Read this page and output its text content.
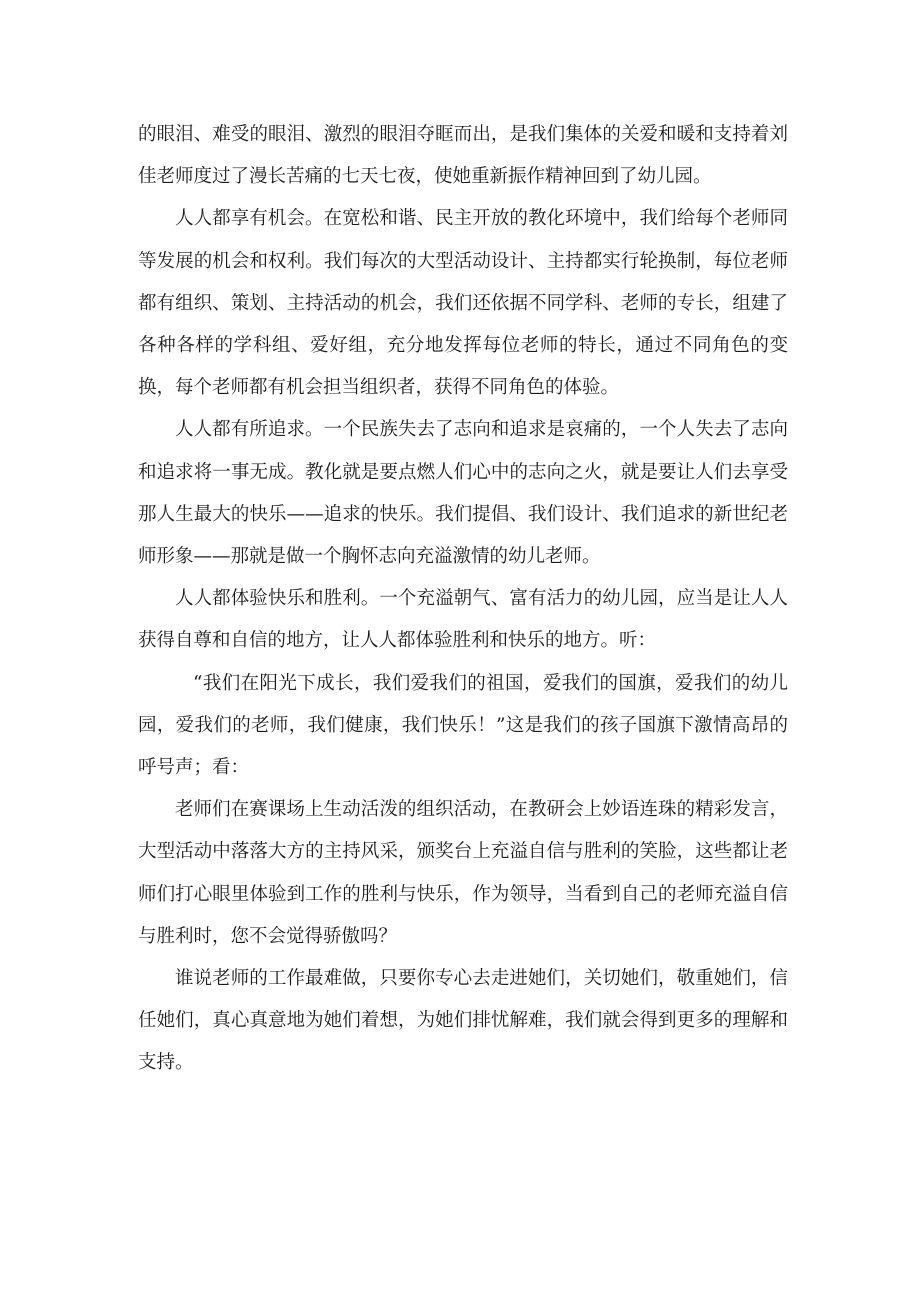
的眼泪、难受的眼泪、激烈的眼泪夺眶而出，是我们集体的关爱和暖和支持着刘佳老师度过了漫长苦痛的七天七夜，使她重新振作精神回到了幼儿园。

人人都享有机会。在宽松和谐、民主开放的教化环境中，我们给每个老师同等发展的机会和权利。我们每次的大型活动设计、主持都实行轮换制，每位老师都有组织、策划、主持活动的机会，我们还依据不同学科、老师的专长，组建了各种各样的学科组、爱好组，充分地发挥每位老师的特长，通过不同角色的变换，每个老师都有机会担当组织者，获得不同角色的体验。

人人都有所追求。一个民族失去了志向和追求是哀痛的，一个人失去了志向和追求将一事无成。教化就是要点燃人们心中的志向之火，就是要让人们去享受那人生最大的快乐——追求的快乐。我们提倡、我们设计、我们追求的新世纪老师形象——那就是做一个胸怀志向充溢激情的幼儿老师。

人人都体验快乐和胜利。一个充溢朝气、富有活力的幼儿园，应当是让人人获得自尊和自信的地方，让人人都体验胜利和快乐的地方。听：

“我们在阳光下成长，我们爱我们的祖国，爱我们的国旗，爱我们的幼儿园，爱我们的老师，我们健康，我们快乐！”这是我们的孩子国旗下激情高昂的呼号声；看：

老师们在赛课场上生动活泼的组织活动，在教研会上妙语连珠的精彩发言，大型活动中落落大方的主持风采，颁奖台上充溢自信与胜利的笑脸，这些都让老师们打心眼里体验到工作的胜利与快乐，作为领导，当看到自己的老师充溢自信与胜利时，您不会觉得骄傲吗？

谁说老师的工作最难做，只要你专心去走进她们，关切她们，敬重她们，信任她们，真心真意地为她们着想，为她们排忧解难，我们就会得到更多的理解和支持。
